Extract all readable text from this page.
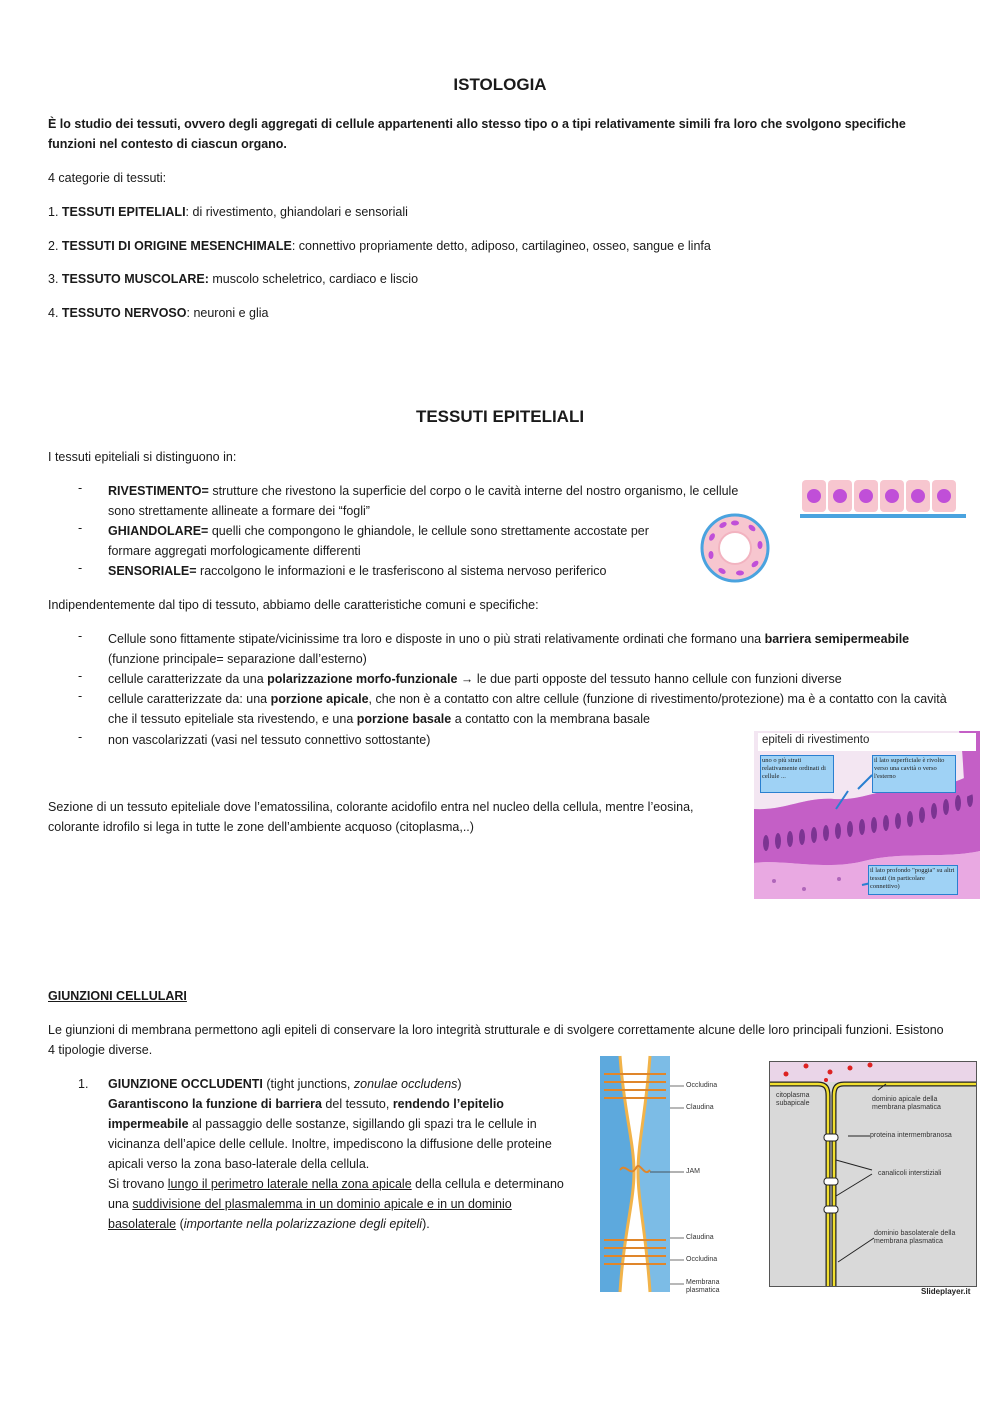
ISTOLOGIA

È lo studio dei tessuti, ovvero degli aggregati di cellule appartenenti allo stesso tipo o a tipi relativamente simili fra loro che svolgono specifiche funzioni nel contesto di ciascun organo.

4 categorie di tessuti:

1. TESSUTI EPITELIALI: di rivestimento, ghiandolari e sensoriali

2. TESSUTI DI ORIGINE MESENCHIMALE: connettivo propriamente detto, adiposo, cartilagineo, osseo, sangue e linfa

3. TESSUTO MUSCOLARE: muscolo scheletrico, cardiaco e liscio

4. TESSUTO NERVOSO: neuroni e glia

TESSUTI EPITELIALI

I tessuti epiteliali si distinguono in:

- RIVESTIMENTO= strutture che rivestono la superficie del corpo o le cavità interne del nostro organismo, le cellule sono strettamente allineate a formare dei “fogli”

- GHIANDOLARE= quelli che compongono le ghiandole, le cellule sono strettamente accostate per formare aggregati morfologicamente differenti

- SENSORIALE= raccolgono le informazioni e le trasferiscono al sistema nervoso periferico

Indipendentemente dal tipo di tessuto, abbiamo delle caratteristiche comuni e specifiche:

- Cellule sono fittamente stipate/vicinissime tra loro e disposte in uno o più strati relativamente ordinati che formano una barriera semipermeabile (funzione principale= separazione dall’esterno)

- cellule caratterizzate da una polarizzazione morfo-funzionale → le due parti opposte del tessuto hanno cellule con funzioni diverse

- cellule caratterizzate da: una porzione apicale, che non è a contatto con altre cellule (funzione di rivestimento/protezione) ma è a contatto con la cavità che il tessuto epiteliale sta rivestendo, e una porzione basale a contatto con la membrana basale

- non vascolarizzati (vasi nel tessuto connettivo sottostante)

Sezione di un tessuto epiteliale dove l’ematossilina, colorante acidofilo entra nel nucleo della cellula, mentre l’eosina, colorante idrofilo si lega in tutte le zone dell’ambiente acquoso (citoplasma,..)

epiteli di rivestimento
uno o più strati relativamente ordinati di cellule ...
il lato superficiale è rivolto verso una cavità o verso l'esterno
il lato profondo "poggia" su altri tessuti (in particolare connettivo)

GIUNZIONI CELLULARI

Le giunzioni di membrana permettono agli epiteli di conservare la loro integrità strutturale e di svolgere correttamente alcune delle loro principali funzioni. Esistono 4 tipologie diverse.

1. GIUNZIONE OCCLUDENTI (tight junctions, zonulae occludens)
Garantiscono la funzione di barriera del tessuto, rendendo l’epitelio impermeabile al passaggio delle sostanze, sigillando gli spazi tra le cellule in vicinanza dell’apice delle cellule. Inoltre, impediscono la diffusione delle proteine apicali verso la zona baso-laterale della cellula.
Si trovano lungo il perimetro laterale nella zona apicale della cellula e determinano una suddivisione del plasmalemma in un dominio apicale e in un dominio basolaterale (importante nella polarizzazione degli epiteli).

Occludina
Claudina
JAM
Claudina
Occludina
Membrana plasmatica
citoplasma subapicale
dominio apicale della membrana plasmatica
proteina intermembranosa
canalicoli interstiziali
dominio basolaterale della membrana plasmatica
Slideplayer.it
